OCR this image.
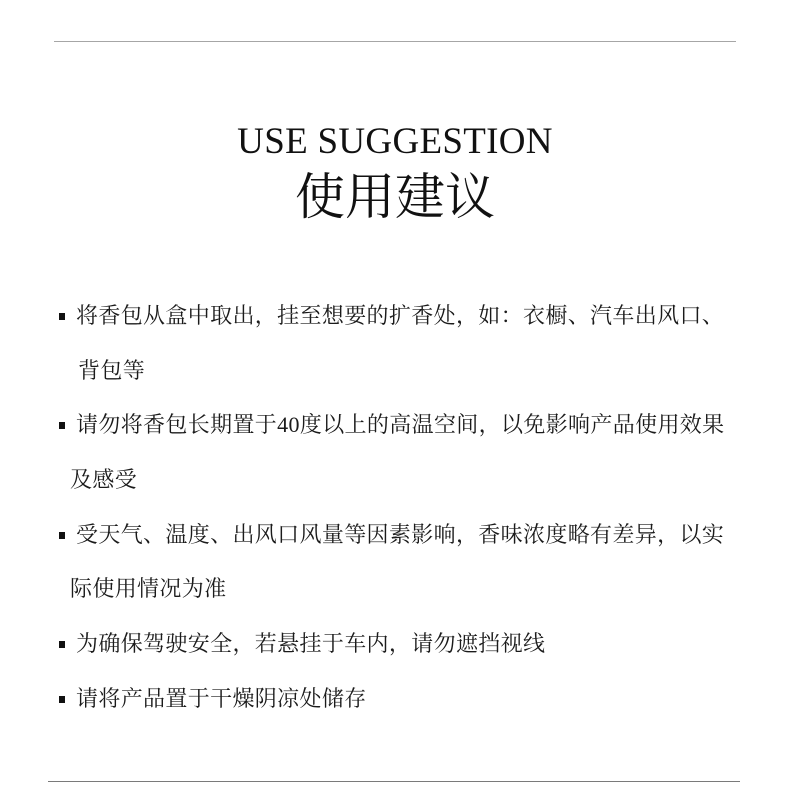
USE SUGGESTION
使用建议
将香包从盒中取出，挂至想要的扩香处，如：衣橱、汽车出风口、
背包等
请勿将香包长期置于40度以上的高温空间，以免影响产品使用效果
及感受
受天气、温度、出风口风量等因素影响，香味浓度略有差异，以实
际使用情况为准
为确保驾驶安全，若悬挂于车内，请勿遮挡视线
请将产品置于干燥阴凉处储存
